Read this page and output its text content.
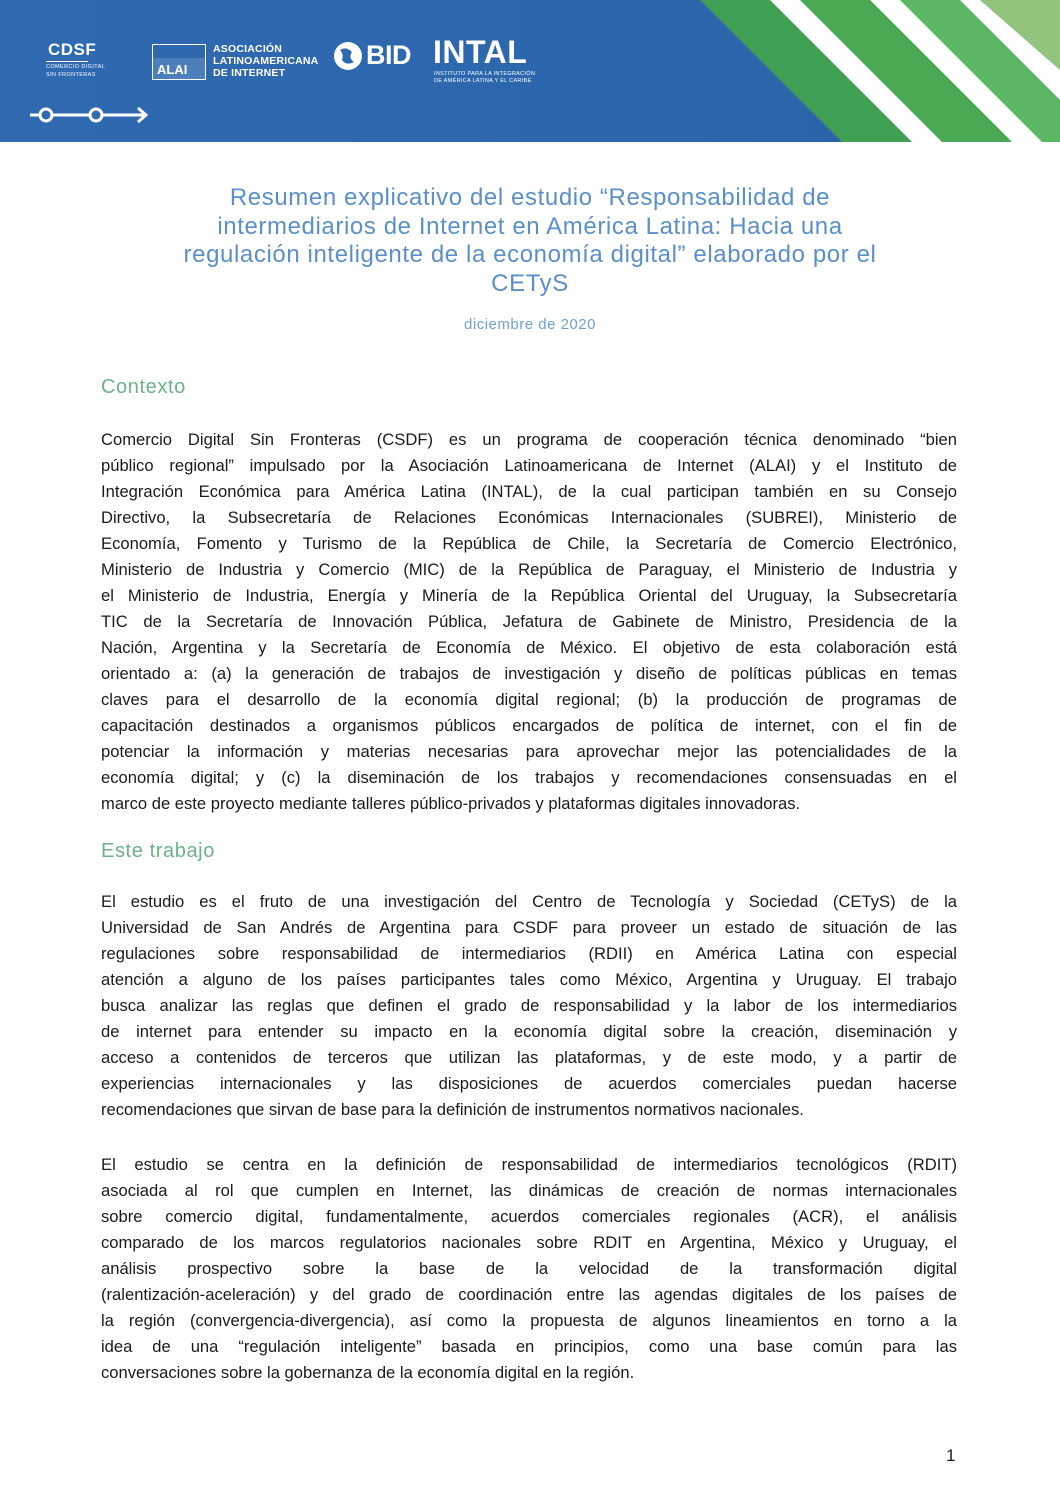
CDSF
COMERCIO DIGITAL
SIN FRONTERAS	ALAI
ASOCIACIÓN
LATINOAMERICANA
DE INTERNET
BID INTAL
INSTITUTO PARA LA INTEGRACIÓN
DE AMÉRICA LATINA Y EL CARIBE
Resumen explicativo del estudio “Responsabilidad de
intermediarios de Internet en América Latina: Hacia una
regulación inteligente de la economía digital” elaborado por el
CETyS
diciembre de 2020
Contexto
Comercio Digital Sin Fronteras (CSDF) es un programa de cooperación técnica denominado “bien
público regional” impulsado por la Asociación Latinoamericana de Internet (ALAI) y el Instituto de
Integración Económica para América Latina (INTAL), de la cual participan también en su Consejo
Directivo, la Subsecretaría de Relaciones Económicas Internacionales (SUBREI), Ministerio de
Economía, Fomento y Turismo de la República de Chile, la Secretaría de Comercio Electrónico,
Ministerio de Industria y Comercio (MIC) de la República de Paraguay, el Ministerio de Industria y
el Ministerio de Industria, Energía y Minería de la República Oriental del Uruguay, la Subsecretaría
TIC de la Secretaría de Innovación Pública, Jefatura de Gabinete de Ministro, Presidencia de la
Nación, Argentina y la Secretaría de Economía de México. El objetivo de esta colaboración está
orientado a: (a) la generación de trabajos de investigación y diseño de políticas públicas en temas
claves para el desarrollo de la economía digital regional; (b) la producción de programas de
capacitación destinados a organismos públicos encargados de política de internet, con el fin de
potenciar la información y materias necesarias para aprovechar mejor las potencialidades de la
economía digital; y (c) la diseminación de los trabajos y recomendaciones consensuadas en el
marco de este proyecto mediante talleres público-privados y plataformas digitales innovadoras.
Este trabajo
El estudio es el fruto de una investigación del Centro de Tecnología y Sociedad (CETyS) de la
Universidad de San Andrés de Argentina para CSDF para proveer un estado de situación de las
regulaciones sobre responsabilidad de intermediarios (RDII) en América Latina con especial
atención a alguno de los países participantes tales como México, Argentina y Uruguay. El trabajo
busca analizar las reglas que definen el grado de responsabilidad y la labor de los intermediarios
de internet para entender su impacto en la economía digital sobre la creación, diseminación y
acceso a contenidos de terceros que utilizan las plataformas, y de este modo, y a partir de
experiencias internacionales y las disposiciones de acuerdos comerciales puedan hacerse
recomendaciones que sirvan de base para la definición de instrumentos normativos nacionales.
El estudio se centra en la definición de responsabilidad de intermediarios tecnológicos (RDIT)
asociada al rol que cumplen en Internet, las dinámicas de creación de normas internacionales
sobre comercio digital, fundamentalmente, acuerdos comerciales regionales (ACR), el análisis
comparado de los marcos regulatorios nacionales sobre RDIT en Argentina, México y Uruguay, el
análisis prospectivo sobre la base de la velocidad de la transformación digital
(ralentización-aceleración) y del grado de coordinación entre las agendas digitales de los países de
la región (convergencia-divergencia), así como la propuesta de algunos lineamientos en torno a la
idea de una “regulación inteligente” basada en principios, como una base común para las
conversaciones sobre la gobernanza de la economía digital en la región.
1
